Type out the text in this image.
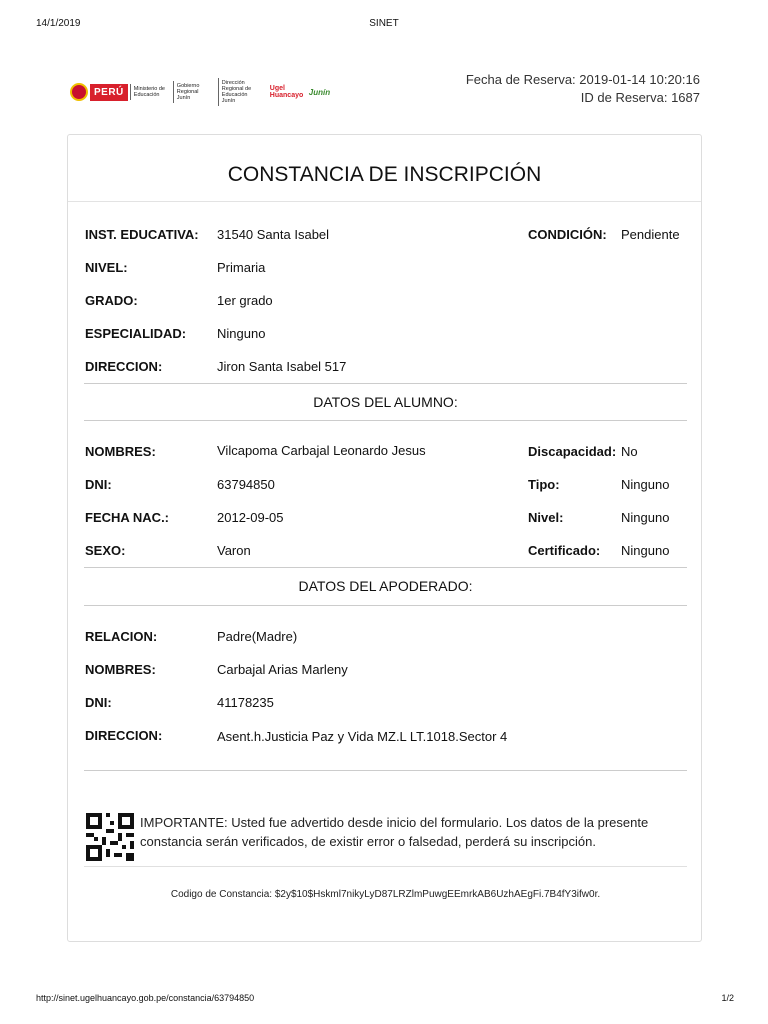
14/1/2019	SINET
PERÚ	Ministerio de Educación
Gobierno Regional Junín
Dirección Regional de Educación Junín
Ugel Huancayo Junín
Fecha de Reserva: 2019-01-14 10:20:16
ID de Reserva: 1687
CONSTANCIA DE INSCRIPCIÓN
INST. EDUCATIVA: 31540 Santa Isabel	CONDICIÓN: Pendiente
NIVEL:	Primaria
GRADO:	1er grado
ESPECIALIDAD: Ninguno
DIRECCION:	Jiron Santa Isabel 517
DATOS DEL ALUMNO:
NOMBRES:	Vilcapoma Carbajal Leonardo Jesus	Discapacidad: No
DNI:	63794850	Tipo:	Ninguno
FECHA NAC.:	2012-09-05	Nivel:	Ninguno
SEXO:	Varon	Certificado: Ninguno
DATOS DEL APODERADO:
RELACION:	Padre(Madre)
NOMBRES:	Carbajal Arias Marleny
DNI:	41178235
DIRECCION:	Asent.h.Justicia Paz y Vida MZ.L LT.1018.Sector 4
IMPORTANTE: Usted fue advertido desde inicio del formulario. Los datos de la presente constancia serán verificados, de existir error o falsedad, perderá su inscripción.
Codigo de Constancia: $2y$10$Hskml7nikyLyD87LRZlmPuwgEEmrkAB6UzhAEgFi.7B4fY3ifw0r.
http://sinet.ugelhuancayo.gob.pe/constancia/63794850	1/2
